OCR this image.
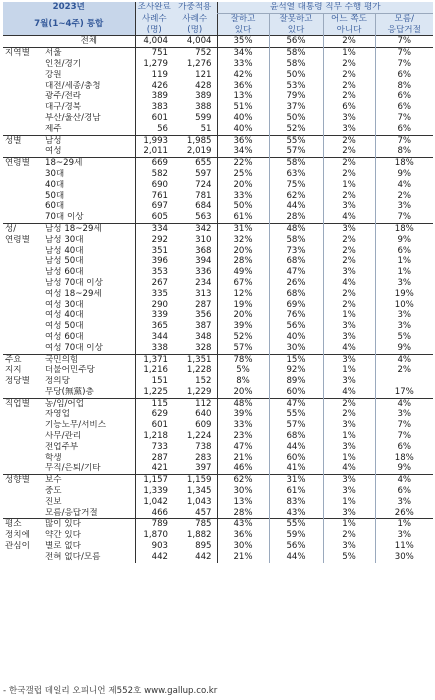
2023년		조사완료	가중적용	윤석열 대통령 직무 수행 평가			
7월(1~4주) 통합		사례수	사례수	잘하고	잘못하고	어느 쪽도	모름/
		(명)	(명)	있다	있다	아니다	응답거절
	전체	4,004	4,004	35%	56%	2%	7%
지역별	서울	751	752	34%	58%	1%	7%
	인천/경기	1,279	1,276	33%	58%	2%	7%
	강원	119	121	42%	50%	2%	6%
	대전/세종/충청	426	428	36%	53%	2%	8%
	광주/전라	389	389	13%	79%	2%	6%
	대구/경북	383	388	51%	37%	6%	6%
	부산/울산/경남	601	599	40%	50%	3%	7%
	제주	56	51	40%	52%	3%	6%
성별	남성	1,993	1,985	36%	55%	2%	7%
	여성	2,011	2,019	34%	57%	2%	8%
연령별	18~29세	669	655	22%	58%	2%	18%
	30대	582	597	25%	63%	2%	9%
	40대	690	724	20%	75%	1%	4%
	50대	761	781	33%	62%	2%	2%
	60대	697	684	50%	44%	3%	3%
	70대 이상	605	563	61%	28%	4%	7%
성/	남성 18~29세	334	342	31%	48%	3%	18%
연령별	남성 30대	292	310	32%	58%	2%	9%
	남성 40대	351	368	20%	73%	2%	6%
	남성 50대	396	394	28%	68%	2%	1%
	남성 60대	353	336	49%	47%	3%	1%
	남성 70대 이상	267	234	67%	26%	4%	3%
	여성 18~29세	335	313	12%	68%	2%	19%
	여성 30대	290	287	19%	69%	2%	10%
	여성 40대	339	356	20%	76%	1%	3%
	여성 50대	365	387	39%	56%	3%	3%
	여성 60대	344	348	52%	40%	3%	5%
	여성 70대 이상	338	328	57%	30%	4%	9%
주요	국민의힘	1,371	1,351	78%	15%	3%	4%
지지	더불어민주당	1,216	1,228	5%	92%	1%	2%
정당별	정의당	151	152	8%	89%	3%	
	무당(無黨)층	1,225	1,229	20%	60%	4%	17%
직업별	농/임/어업	115	112	48%	47%	2%	4%
	자영업	629	640	39%	55%	2%	3%
	기능노무/서비스	601	609	33%	57%	3%	7%
	사무/관리	1,218	1,224	23%	68%	1%	7%
	전업주부	733	738	47%	44%	3%	6%
	학생	287	283	21%	60%	1%	18%
	무직/은퇴/기타	421	397	46%	41%	4%	9%
성향별	보수	1,157	1,159	62%	31%	3%	4%
	중도	1,339	1,345	30%	61%	3%	6%
	진보	1,042	1,043	13%	83%	1%	3%
	모름/응답거절	466	457	28%	43%	3%	26%
평소	많이 있다	789	785	43%	55%	1%	1%
정치에	약간 있다	1,870	1,882	36%	59%	2%	3%
관심이	별로 없다	903	895	30%	56%	3%	11%
	전혀 없다/모름	442	442	21%	44%	5%	30%
- 한국갤럽 데일리 오피니언 제552호 www.gallup.co.kr
